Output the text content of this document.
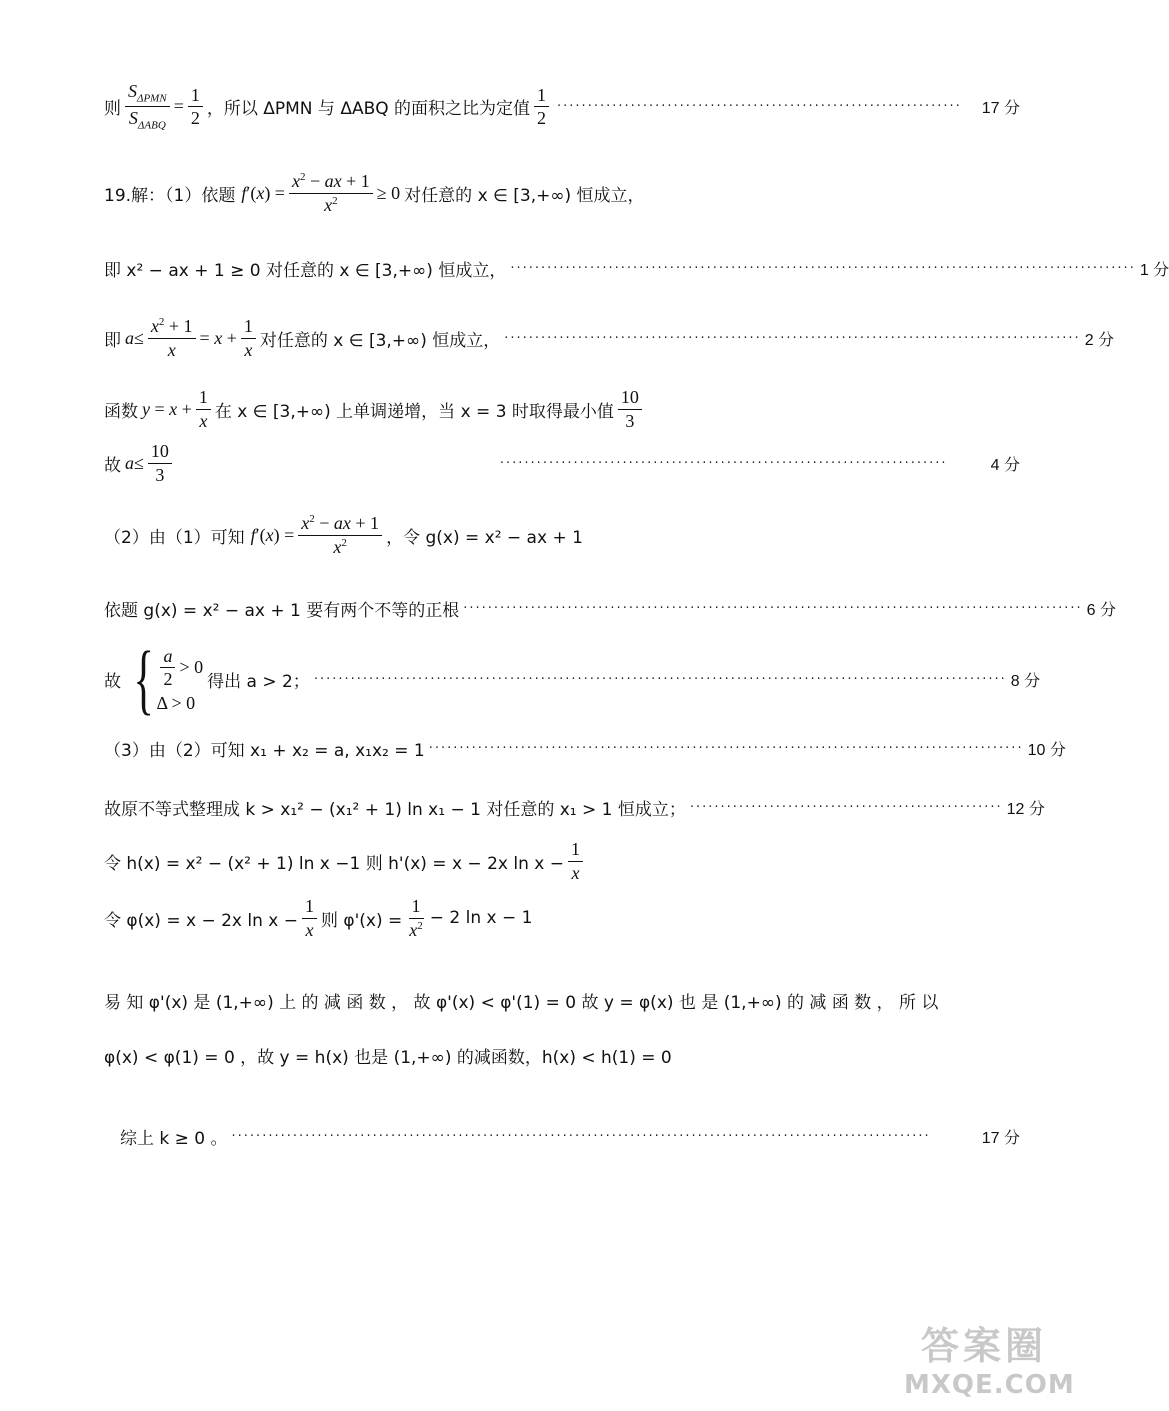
则 $\frac{S_{\Delta PMN}}{S_{\Delta ABQ}} = \frac{1}{2}$ ，所以 ΔPMN 与 ΔABQ 的面积之比为定值 $\frac{1}{2}$ ··································································	17 分
19.解：（1）依题 f ′( x ) = $\frac{x^2 - ax + 1}{x^2} \ge 0$ 对任意的 x ∈ [3,+∞) 恒成立，
即 x² − ax + 1 ≥ 0 对任意的 x ∈ [3,+∞) 恒成立， ······································································································ 1 分
即 $a \le \frac{x^2 + 1}{x} = x + \frac{1}{x}$ 对任意的 x ∈ [3,+∞) 恒成立， ······························································································ 2 分
函数 $y = x + \frac{1}{x}$ 在 x ∈ [3,+∞) 上单调递增，当 x = 3 时取得最小值 $\frac{10}{3}$
故 $a \le \frac{10}{3}$	·········································································	4 分
（2）由（1）可知 f ′( x ) = $\frac{x^2 - ax + 1}{x^2}$ ，令 g(x) = x² − ax + 1
依题 g(x) = x² − ax + 1 要有两个不等的正根 ····································································································· 6 分
故 { $\frac{a}{2} > 0$
Δ > 0
得出 a > 2； ················································································································· 8 分
（3）由（2）可知 x₁ + x₂ = a, x₁x₂ = 1 ································································································· 10 分
故原不等式整理成 k > x₁² − (x₁² + 1) ln x₁ − 1 对任意的 x₁ > 1 恒成立； ··················································· 12 分
令 h(x) = x² − (x² + 1) ln x −1 则 h'(x) = x − 2x $\ln x - \frac{1}{x}$
令 φ(x) = x − 2x $\ln x - \frac{1}{x}$ 则 $\varphi'(x) = \frac{1}{x^2} - 2$ ln x − 1
易 知 φ'(x) 是 (1,+∞) 上 的 减 函 数 ， 故 φ'(x) < φ'(1) = 0 故 y = φ(x) 也 是 (1,+∞) 的 减 函 数 ， 所 以
φ(x) < φ(1) = 0 ，故 y = h(x) 也是 (1,+∞) 的减函数，h(x) < h(1) = 0
综上 k ≥ 0 。 ··················································································································	17 分
答案圈
MXQE.COM
